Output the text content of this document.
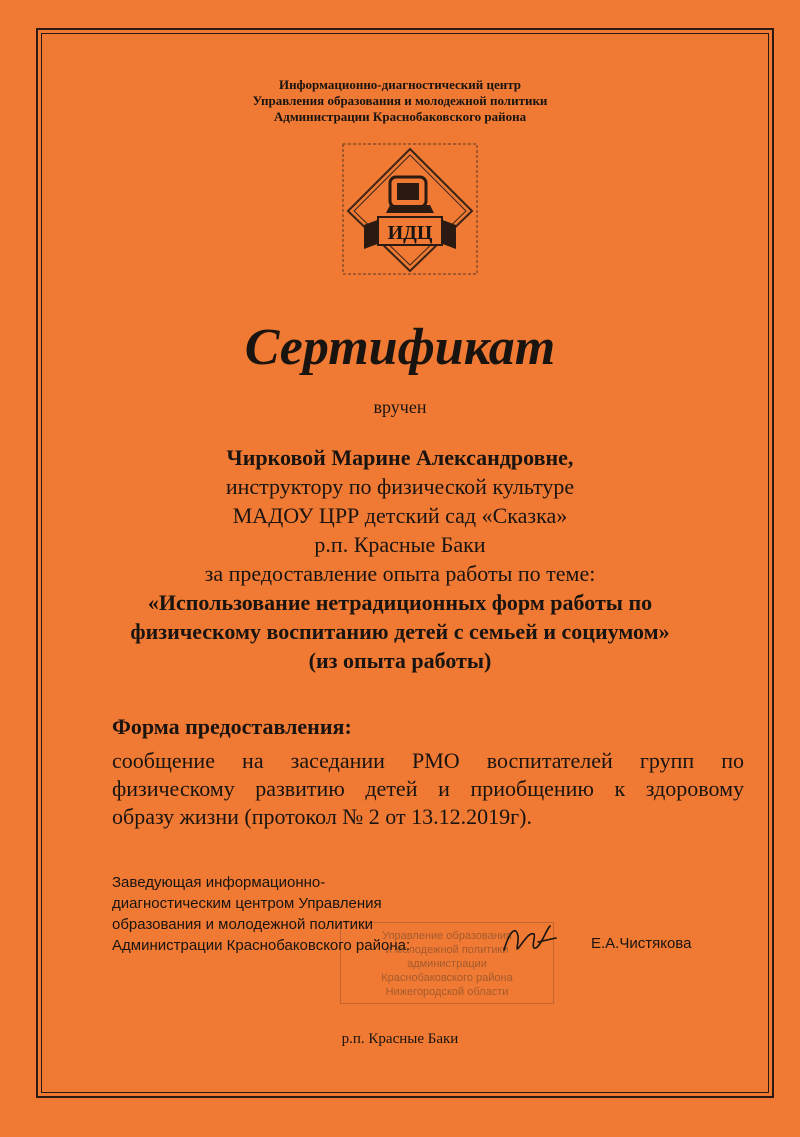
Информационно-диагностический центр
Управления образования и молодежной политики
Администрации Краснобаковского района
ИДЦ
Сертификат
вручен
Чирковой Марине Александровне,
инструктору по физической культуре
МАДОУ ЦРР детский сад «Сказка»
р.п. Красные Баки
за предоставление опыта работы по теме:
«Использование нетрадиционных форм работы по
физическому воспитанию детей с семьей и социумом»
(из опыта работы)
Форма предоставления:
сообщение на заседании РМО воспитателей групп по
физическому развитию детей и приобщению к здоровому
образу жизни (протокол № 2 от 13.12.2019г).
Управление образования
и молодежной политики
администрации
Краснобаковского района
Нижегородской области
Заведующая информационно-
диагностическим центром Управления
образования и молодежной политики
Администрации Краснобаковского района:	Е.А.Чистякова
р.п. Красные Баки
